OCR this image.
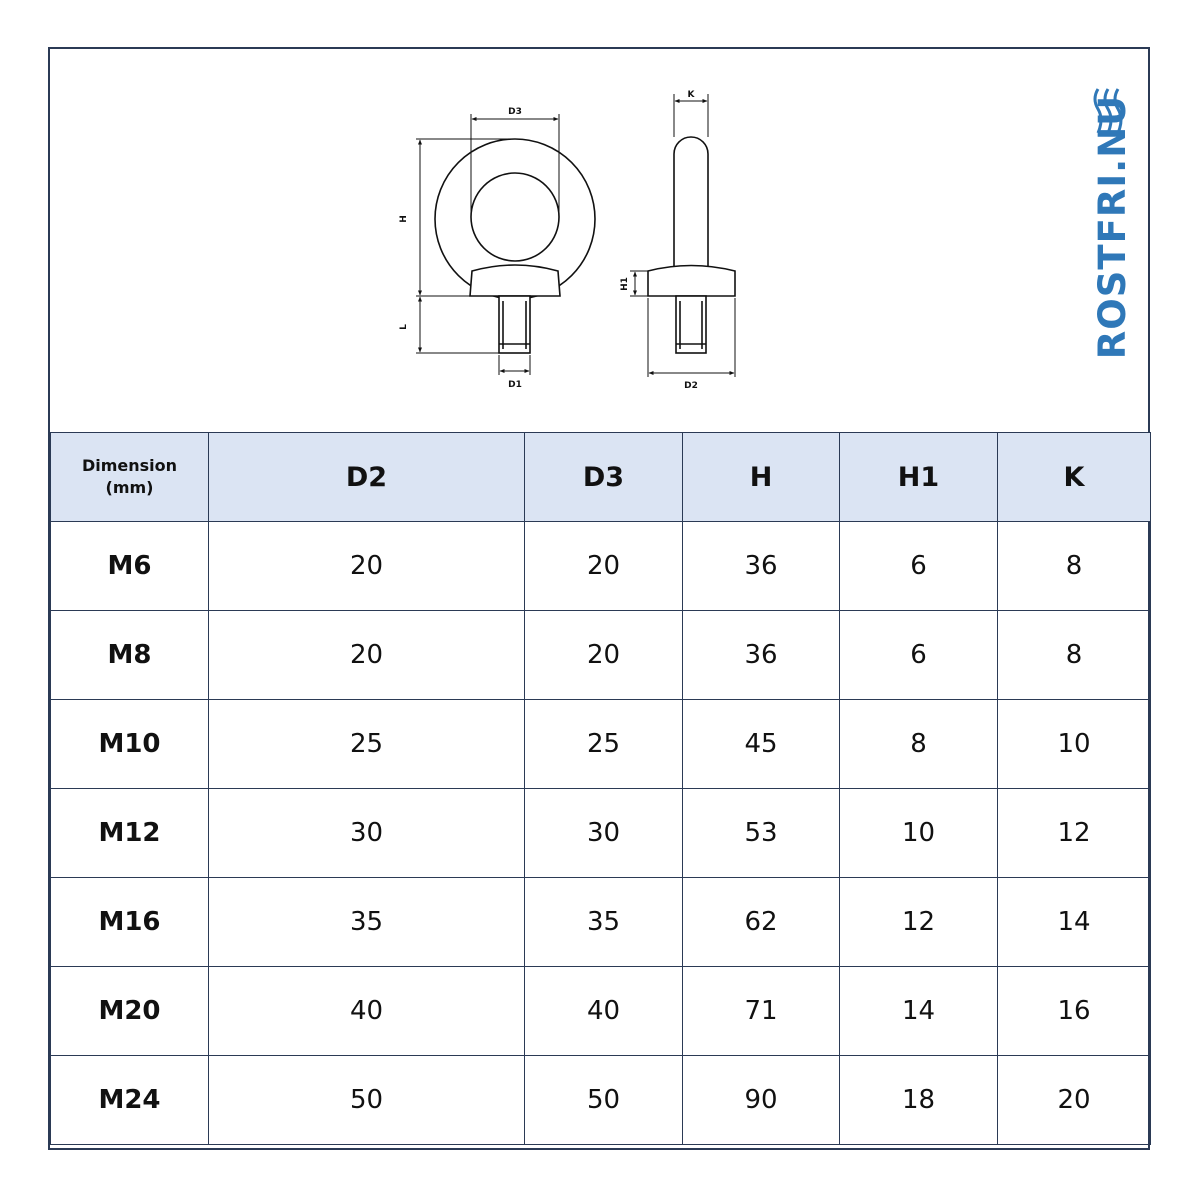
D3
H
L
D1
K
H1
D2
ROSTFRI.NU
Dimension
(mm)	D2	D3	H	H1	K
M6	20	20	36	6	8
M8	20	20	36	6	8
M10	25	25	45	8	10
M12	30	30	53	10	12
M16	35	35	62	12	14
M20	40	40	71	14	16
M24	50	50	90	18	20
